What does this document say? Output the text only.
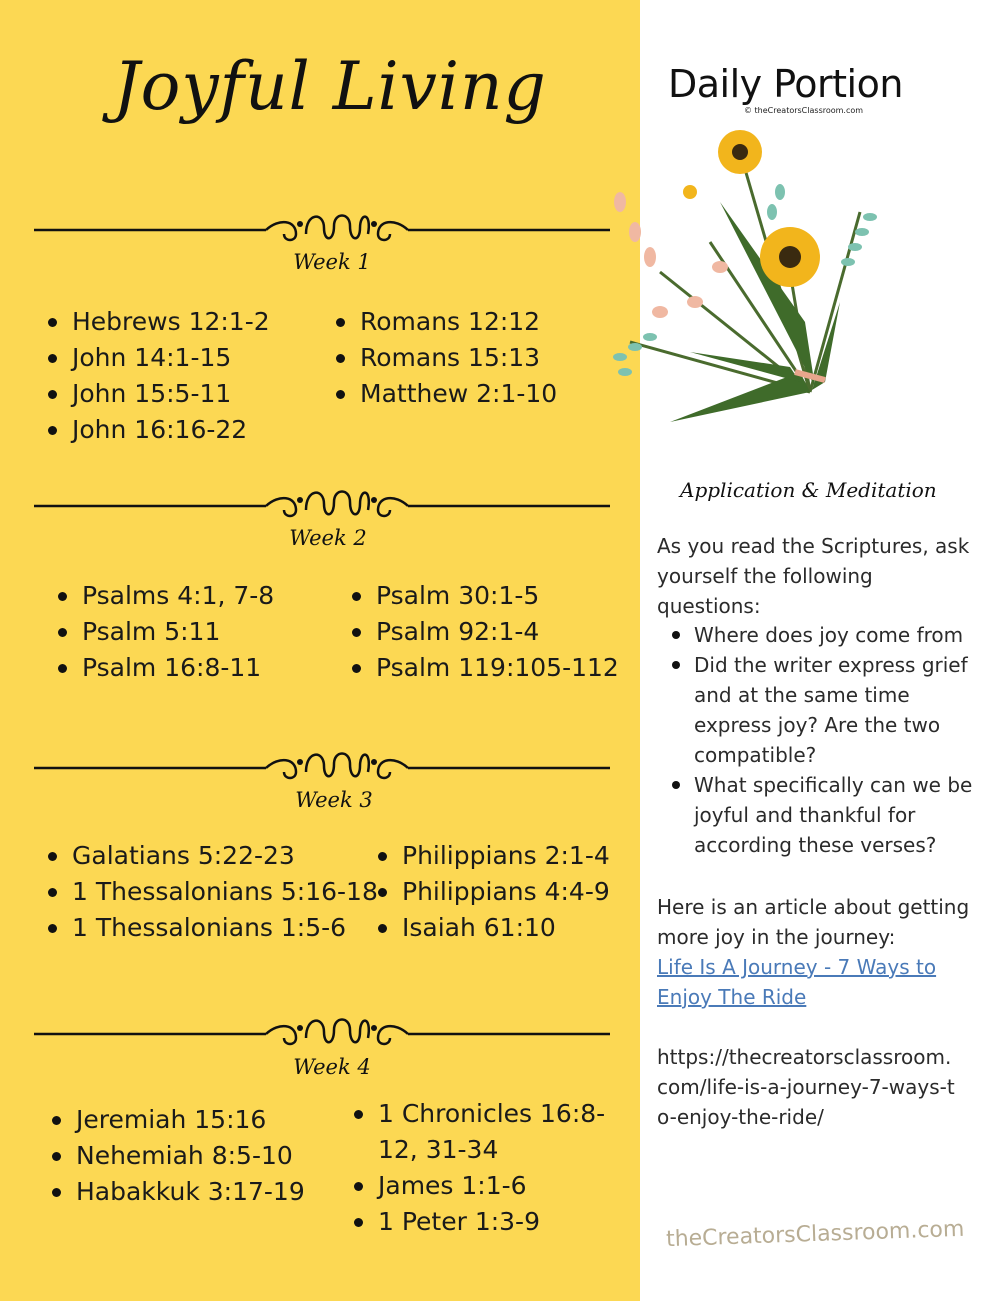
Joyful Living
Week 1
Hebrews 12:1-2
John 14:1-15
John 15:5-11
John 16:16-22
Romans 12:12
Romans 15:13
Matthew 2:1-10
Week 2
Psalms 4:1, 7-8
Psalm 5:11
Psalm 16:8-11
Psalm 30:1-5
Psalm 92:1-4
Psalm 119:105-112
Week 3
Galatians 5:22-23
1 Thessalonians 5:16-18
1 Thessalonians 1:5-6
Philippians 2:1-4
Philippians 4:4-9
Isaiah 61:10
Week 4
Jeremiah 15:16
Nehemiah 8:5-10
Habakkuk 3:17-19
1 Chronicles 16:8-12, 31-34
James 1:1-6
1 Peter 1:3-9
Daily Portion
© theCreatorsClassroom.com
Application & Meditation

As you read the Scriptures, ask yourself the following questions:

Where does joy come from
Did the writer express grief and at the same time express joy? Are the two compatible?
What specifically can we be joyful and thankful for according these verses?

Here is an article about getting more joy in the journey:

Life Is A Journey - 7 Ways to Enjoy The Ride

https://thecreatorsclassroom.com/life-is-a-journey-7-ways-to-enjoy-the-ride/

theCreatorsClassroom.com
